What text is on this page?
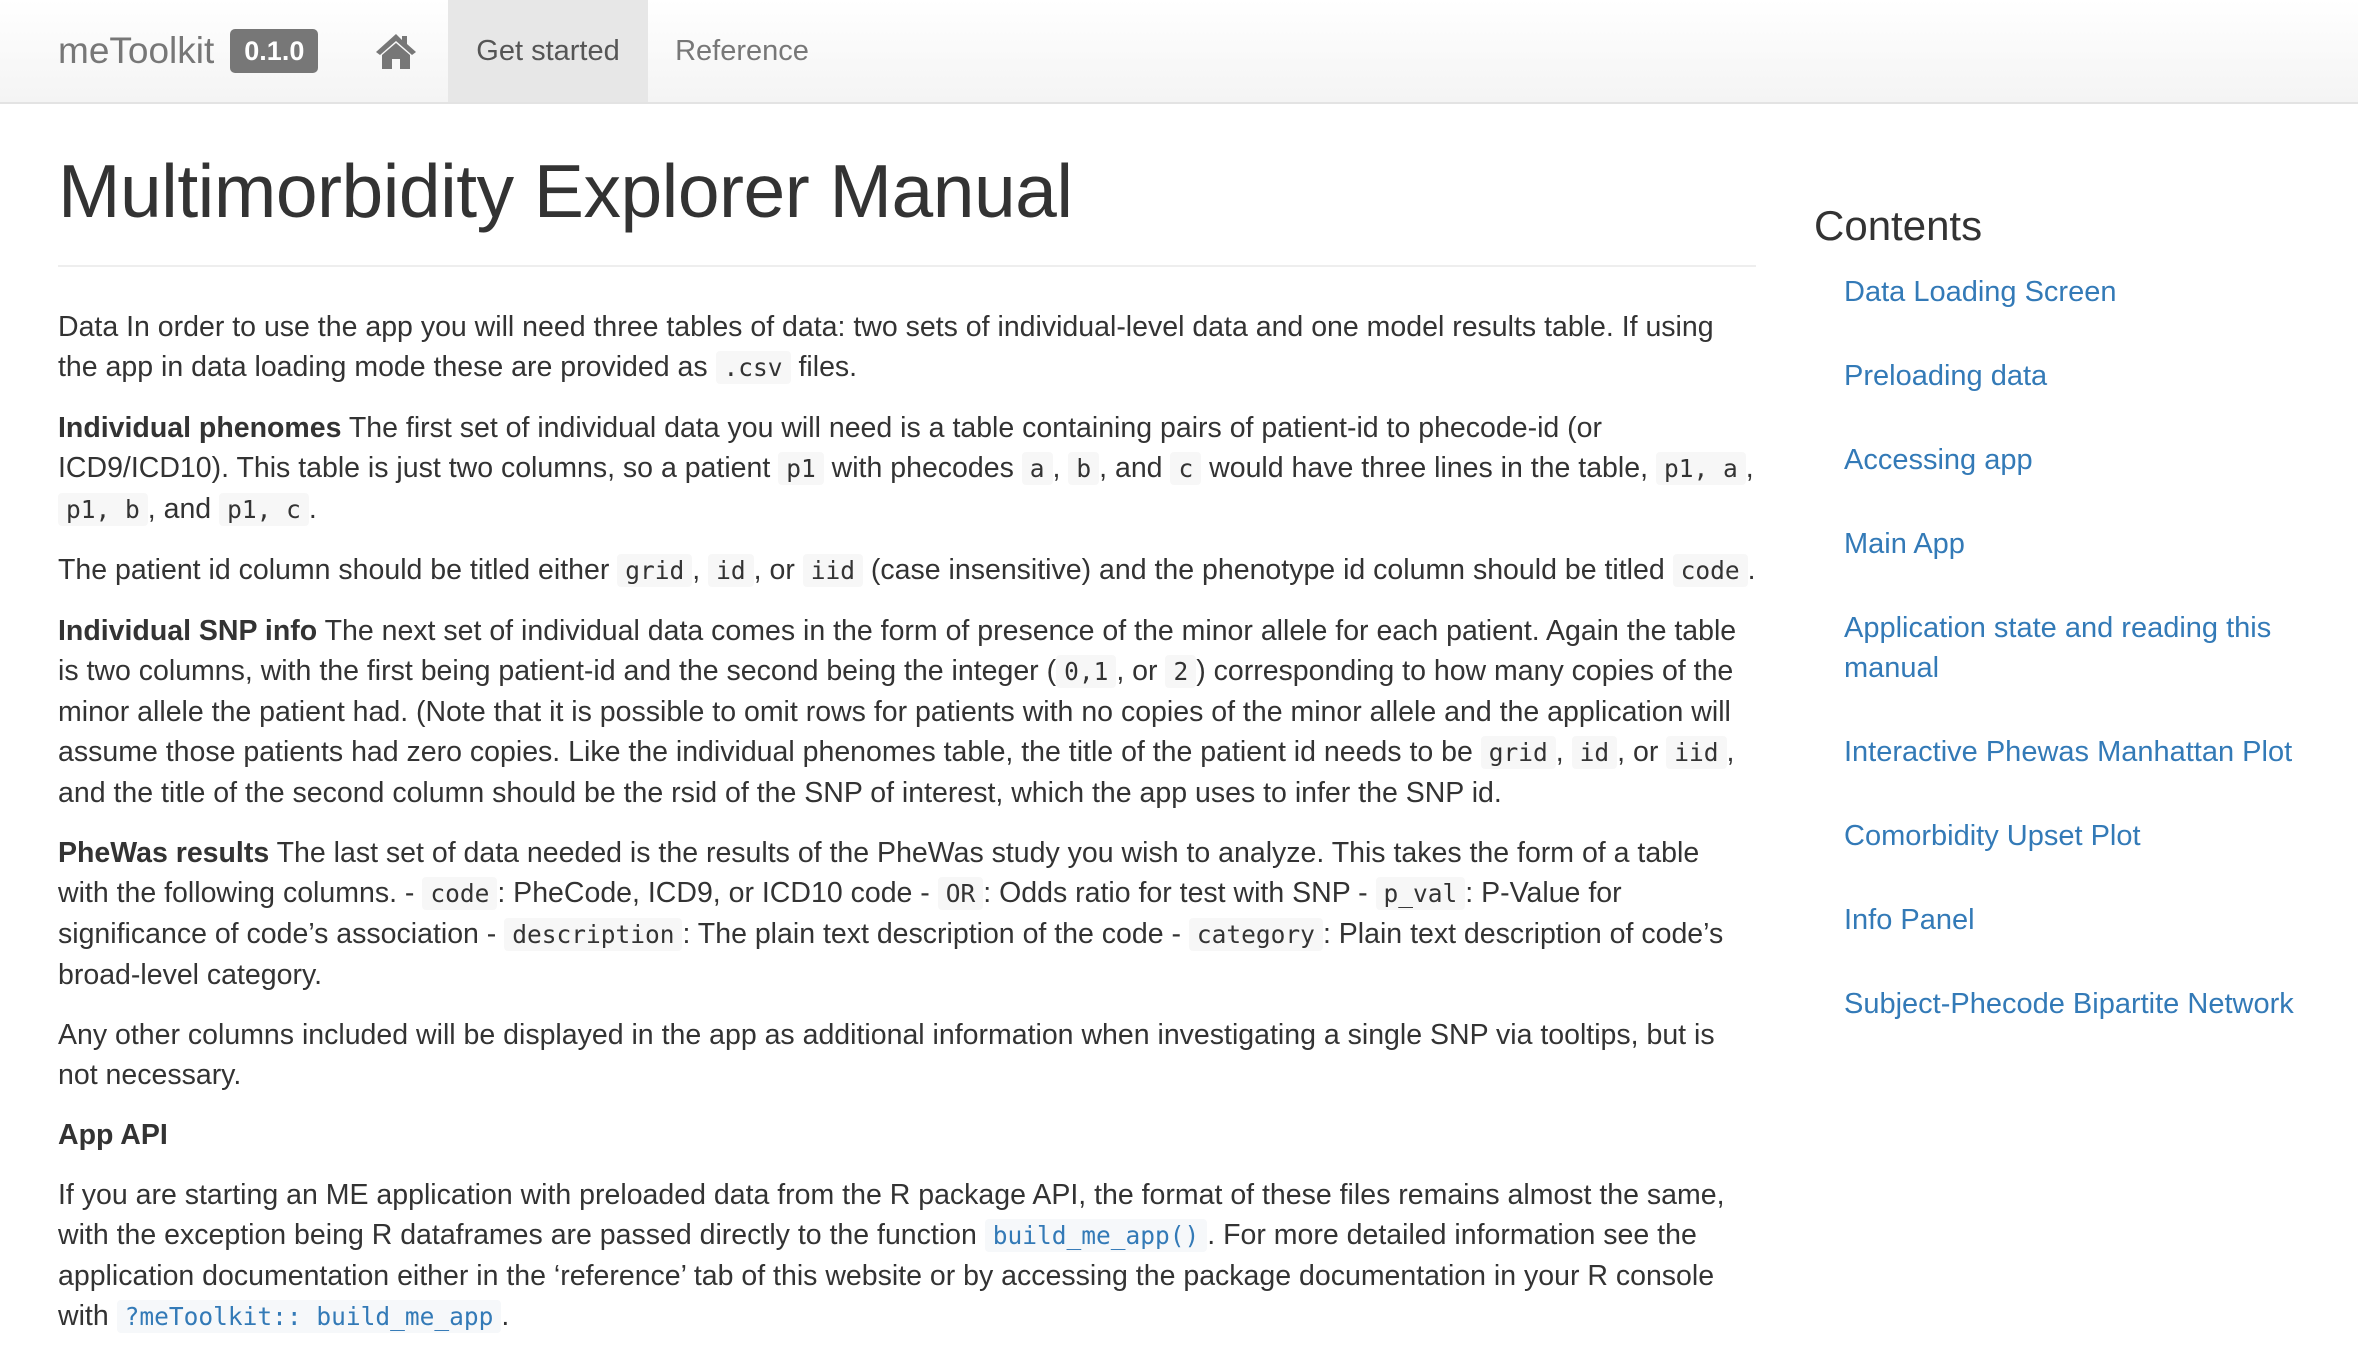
meToolkit	0.1.0	Get started	Reference
Multimorbidity Explorer Manual

Data In order to use the app you will need three tables of data: two sets of individual-level data and one model results table. If using the app in data loading mode these are provided as .csv files.

Individual phenomes The first set of individual data you will need is a table containing pairs of patient-id to phecode-id (or ICD9/ICD10). This table is just two columns, so a patient p1 with phecodes a , b , and c would have three lines in the table, p1, a , p1, b , and p1, c .

The patient id column should be titled either grid , id , or iid (case insensitive) and the phenotype id column should be titled code .

Individual SNP info The next set of individual data comes in the form of presence of the minor allele for each patient. Again the table is two columns, with the first being patient-id and the second being the integer ( 0,1 , or 2 ) corresponding to how many copies of the minor allele the patient had. (Note that it is possible to omit rows for patients with no copies of the minor allele and the application will assume those patients had zero copies. Like the individual phenomes table, the title of the patient id needs to be grid , id , or iid , and the title of the second column should be the rsid of the SNP of interest, which the app uses to infer the SNP id.

PheWas results The last set of data needed is the results of the PheWas study you wish to analyze. This takes the form of a table with the following columns. - code : PheCode, ICD9, or ICD10 code - OR : Odds ratio for test with SNP - p_val : P-Value for significance of code’s association - description : The plain text description of the code - category : Plain text description of code’s broad-level category.

Any other columns included will be displayed in the app as additional information when investigating a single SNP via tooltips, but is not necessary.

App API

If you are starting an ME application with preloaded data from the R package API, the format of these files remains almost the same, with the exception being R dataframes are passed directly to the function build_me_app() . For more detailed information see the application documentation either in the ‘reference’ tab of this website or by accessing the package documentation in your R console with ?meToolkit:: build_me_app .

Contents
Data Loading Screen
Preloading data
Accessing app
Main App
Application state and reading this manual
Interactive Phewas Manhattan Plot
Comorbidity Upset Plot
Info Panel
Subject-Phecode Bipartite Network
